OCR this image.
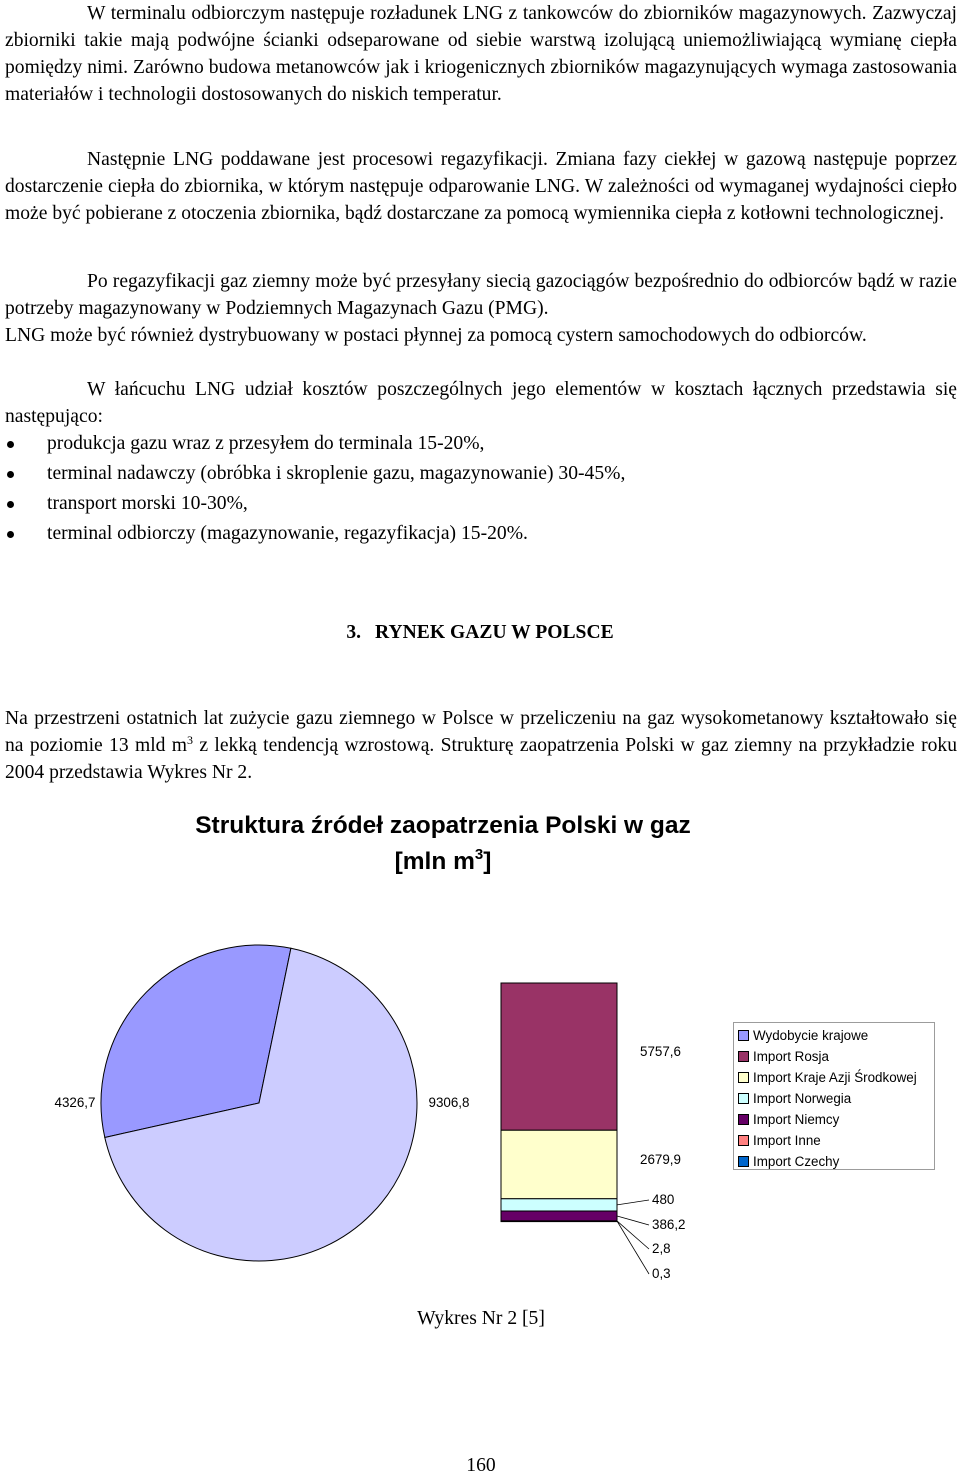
W terminalu odbiorczym następuje rozładunek LNG z tankowców do zbiorników magazynowych. Zazwyczaj zbiorniki takie mają podwójne ścianki odseparowane od siebie warstwą izolującą uniemożliwiającą wymianę ciepła pomiędzy nimi. Zarówno budowa metanowców jak i kriogenicznych zbiorników magazynujących wymaga zastosowania materiałów i technologii dostosowanych do niskich temperatur.

Następnie LNG poddawane jest procesowi regazyfikacji. Zmiana fazy ciekłej w gazową następuje poprzez dostarczenie ciepła do zbiornika, w którym następuje odparowanie LNG. W zależności od wymaganej wydajności ciepło może być pobierane z otoczenia zbiornika, bądź dostarczane za pomocą wymiennika ciepła z kotłowni technologicznej.

Po regazyfikacji gaz ziemny może być przesyłany siecią gazociągów bezpośrednio do odbiorców bądź w razie potrzeby magazynowany w Podziemnych Magazynach Gazu (PMG).

LNG może być również dystrybuowany w postaci płynnej za pomocą cystern samochodowych do odbiorców.

W łańcuchu LNG udział kosztów poszczególnych jego elementów w kosztach łącznych przedstawia się następująco:

produkcja gazu wraz z przesyłem do terminala 15-20%,
terminal nadawczy (obróbka i skroplenie gazu, magazynowanie) 30-45%,
transport morski 10-30%,
terminal odbiorczy (magazynowanie, regazyfikacja) 15-20%.
3. RYNEK GAZU W POLSCE

Na przestrzeni ostatnich lat zużycie gazu ziemnego w Polsce w przeliczeniu na gaz wysokometanowy kształtowało się na poziomie 13 mld $m^3$ z lekką tendencją wzrostową. Strukturę zaopatrzenia Polski w gaz ziemny na przykładzie roku 2004 przedstawia Wykres Nr 2.

Struktura źródeł zaopatrzenia Polski w gaz
[mln $m^3$]
4326,7	9306,8
5757,6
2679,9
480
386,2
2,8
0,3
Wydobycie krajowe
Import Rosja
Import Kraje Azji Środkowej
Import Norwegia
Import Niemcy
Import Inne
Import Czechy
Wykres Nr 2 [5]
160
